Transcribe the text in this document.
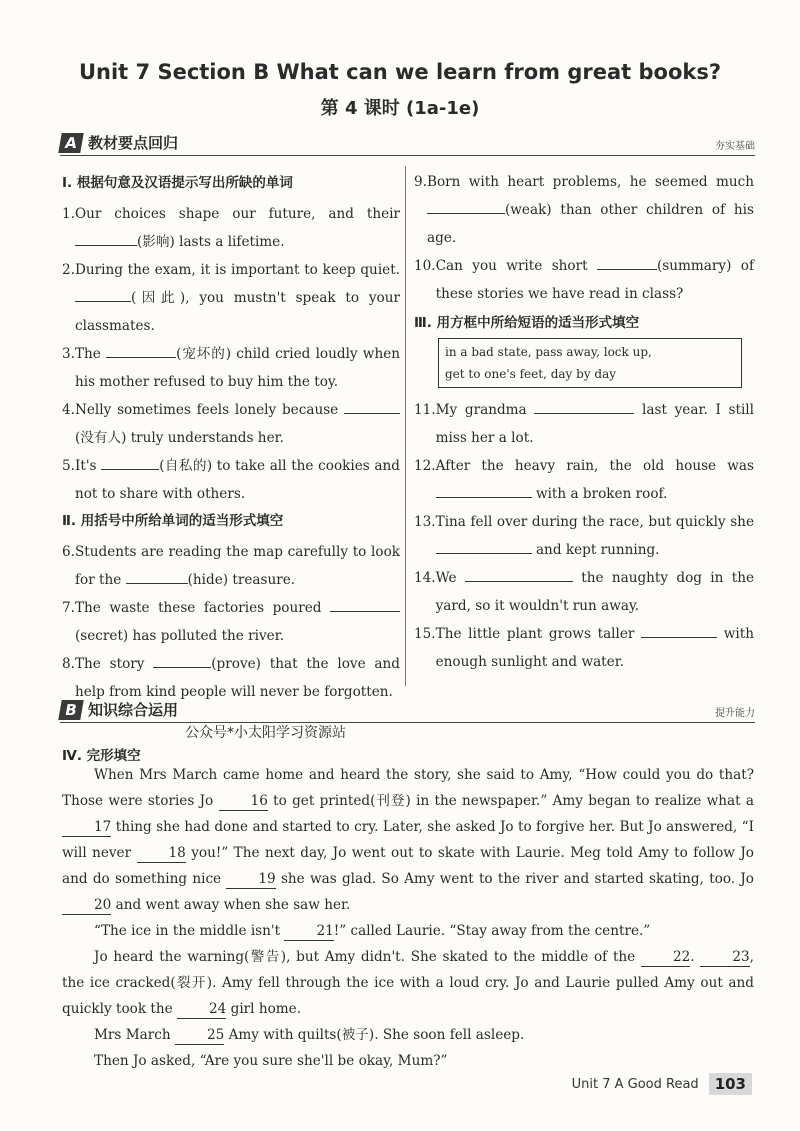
Unit 7 Section B What can we learn from great books?
第 4 课时 (1a-1e)
A 教材要点回归	夯实基础
Ⅰ. 根据句意及汉语提示写出所缺的单词
1. Our choices shape our future, and their (影响) lasts a lifetime.
2. During the exam, it is important to keep quiet. (因此), you mustn't speak to your classmates.
3. The	(宠坏的) child cried loudly when his mother refused to buy him the toy.
4. Nelly sometimes feels lonely because  (没有人) truly understands her.
5. It's	(自私的) to take all the cookies and not to share with others.
Ⅱ. 用括号中所给单词的适当形式填空
6. Students are reading the map carefully to look for the	(hide) treasure.
7. The waste these factories poured  (secret) has polluted the river.
8. The story	(prove) that the love and help from kind people will never be forgotten.
9. Born with heart problems, he seemed much (weak) than other children of his age.
10. Can you write short	(summary) of these stories we have read in class?
Ⅲ. 用方框中所给短语的适当形式填空
in a bad state, pass away, lock up,
get to one's feet, day by day
11. My grandma	last year. I still miss her a lot.
12. After the heavy rain, the old house was  with a broken roof.
13. Tina fell over during the race, but quickly she  and kept running.
14. We	the naughty dog in the yard, so it wouldn't run away.
15. The little plant grows taller	with enough sunlight and water.
B 知识综合运用	提升能力
公众号*小太阳学习资源站
Ⅳ. 完形填空

When Mrs March came home and heard the story, she said to Amy, “How could you do that? Those were stories Jo	16 to get printed(刊登) in the newspaper.” Amy began to realize what a 17 thing she had done and started to cry. Later, she asked Jo to forgive her. But Jo answered, “I will never	18 you!” The next day, Jo went out to skate with Laurie. Meg told Amy to follow Jo and do something nice	19 she was glad. So Amy went to the river and started skating, too. Jo 20 and went away when she saw her.

“The ice in the middle isn't	21!” called Laurie. “Stay away from the centre.”

Jo heard the warning(警告), but Amy didn't. She skated to the middle of the	22.	23, the ice cracked(裂开). Amy fell through the ice with a loud cry. Jo and Laurie pulled Amy out and quickly took the	24 girl home.

Mrs March	25 Amy with quilts(被子). She soon fell asleep.

Then Jo asked, “Are you sure she'll be okay, Mum?”

Unit 7 A Good Read	103
